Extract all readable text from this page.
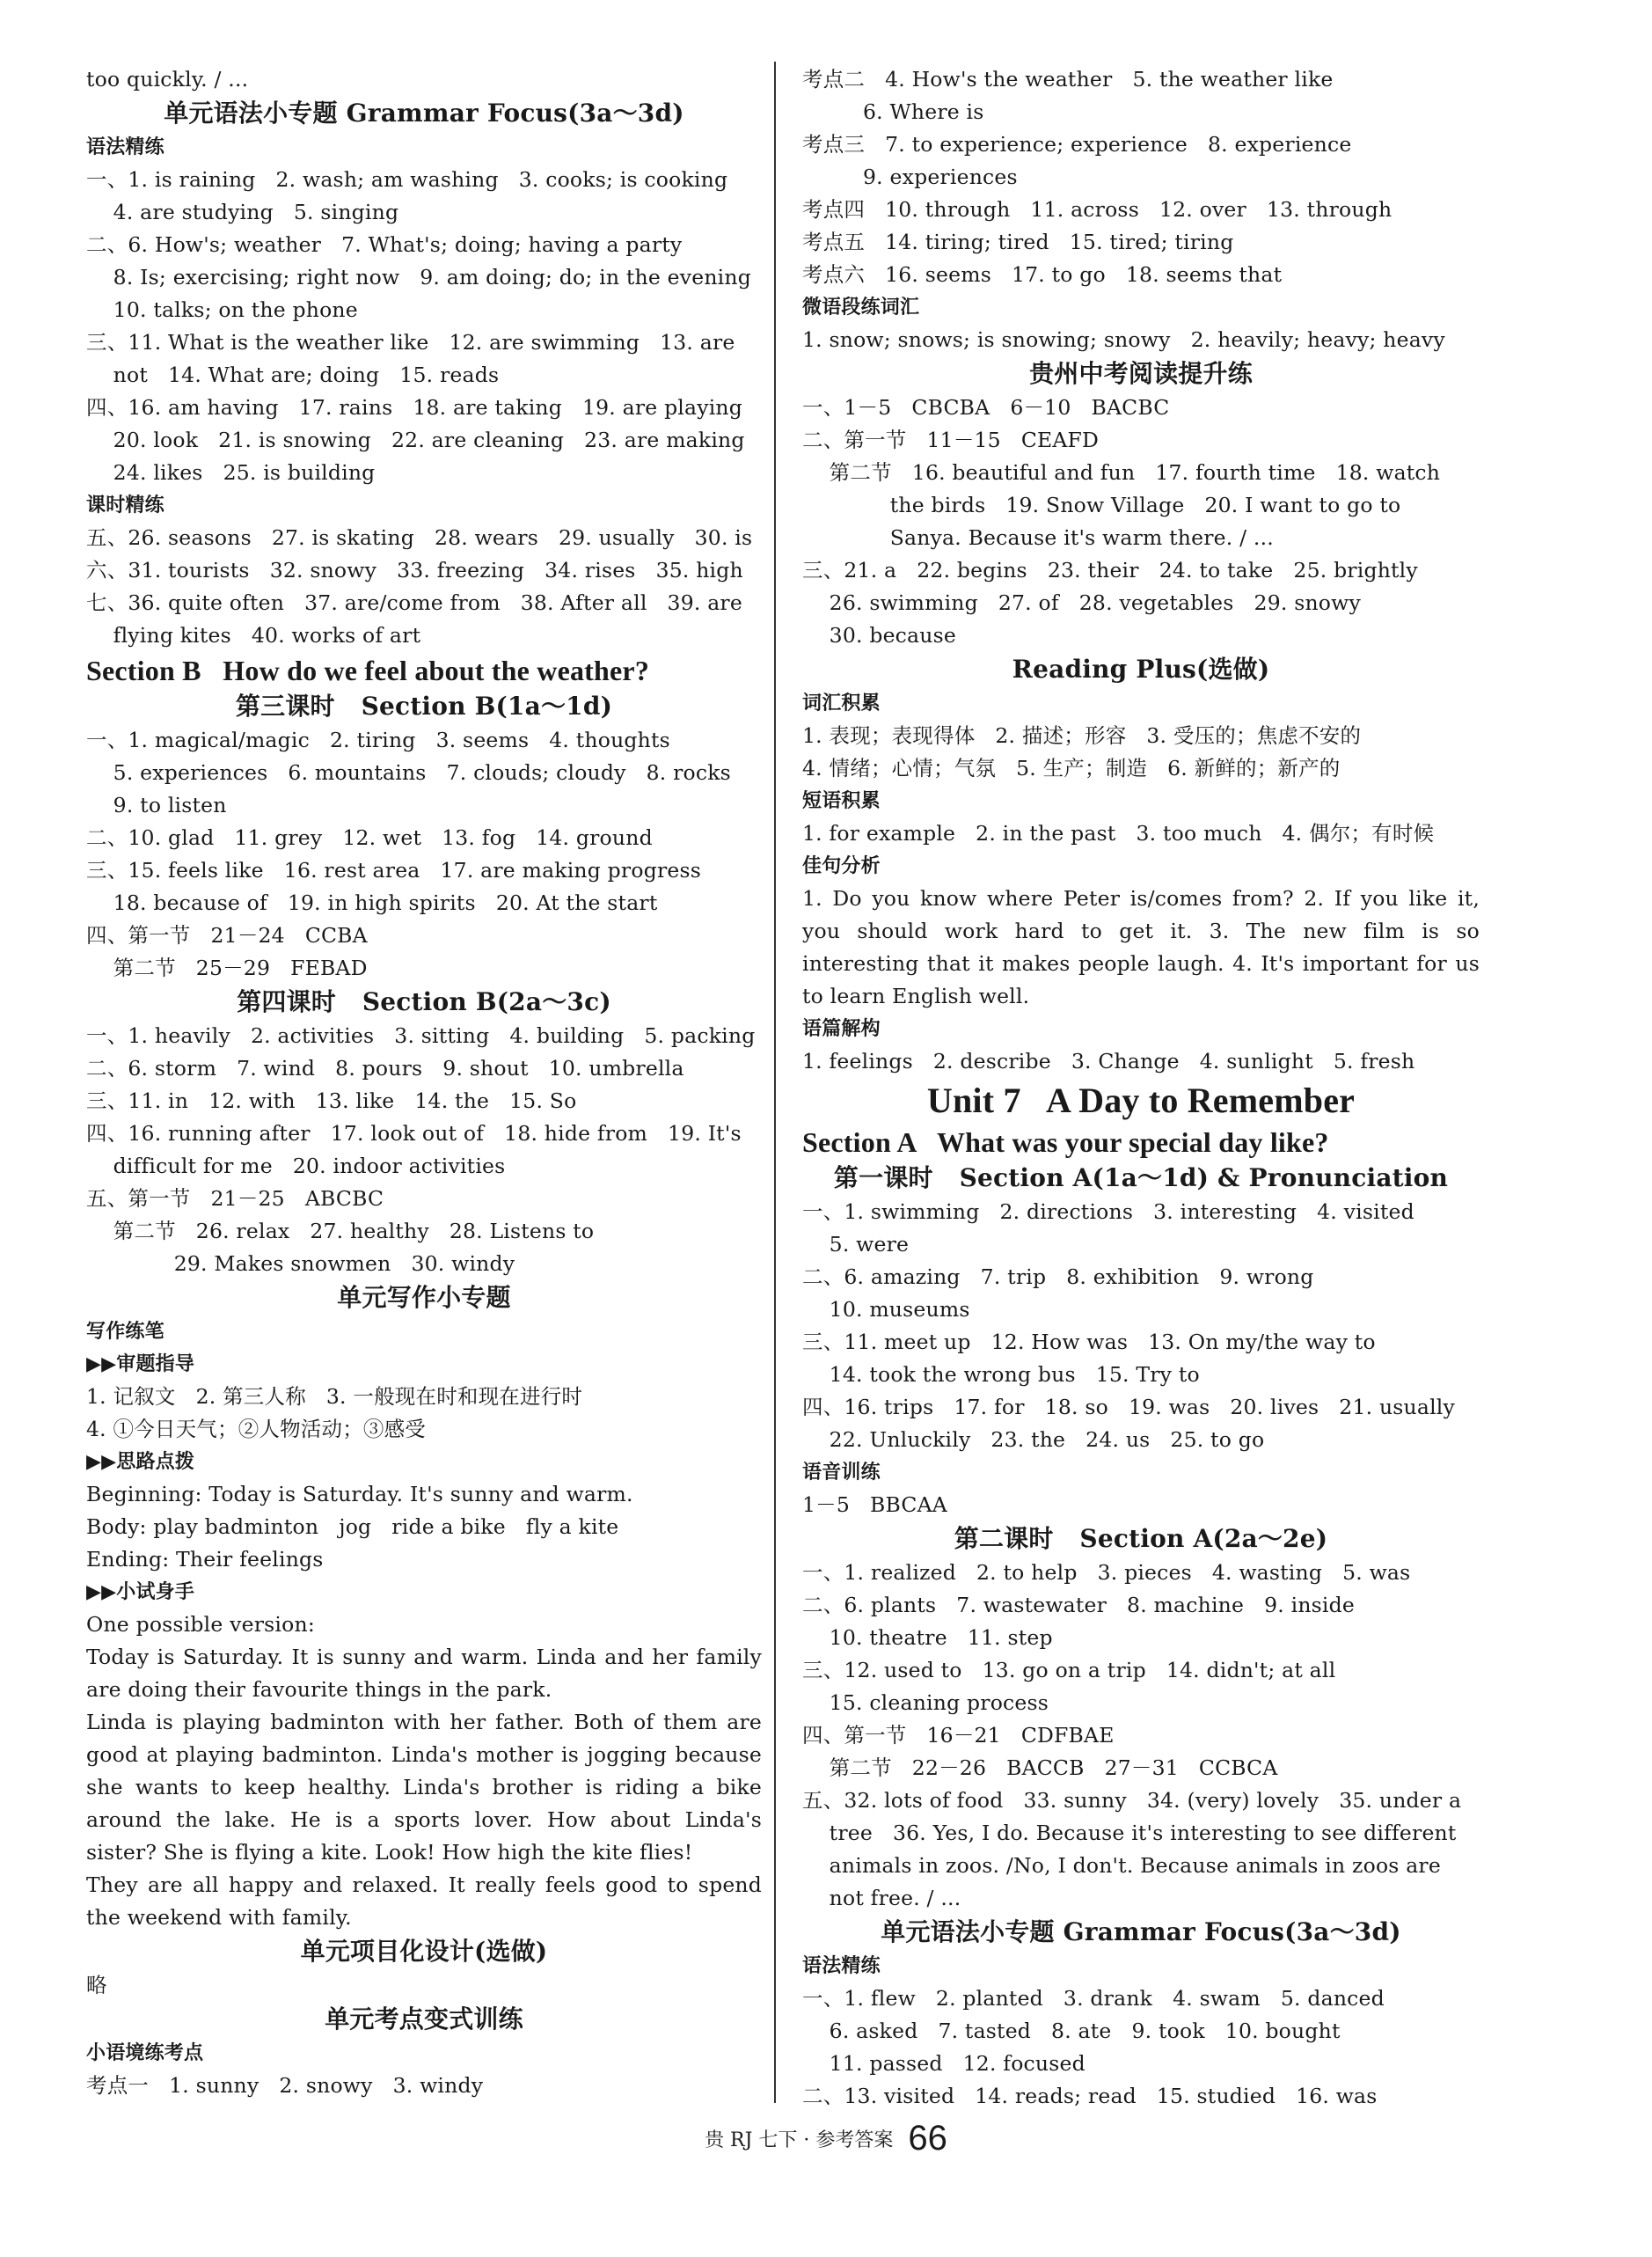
too quickly. / ...
单元语法小专题 Grammar Focus(3a～3d)
语法精练
一、1. is raining   2. wash; am washing   3. cooks; is cooking
4. are studying   5. singing
二、6. How's; weather   7. What's; doing; having a party
8. Is; exercising; right now   9. am doing; do; in the evening
10. talks; on the phone
三、11. What is the weather like   12. are swimming   13. are
not   14. What are; doing   15. reads
四、16. am having   17. rains   18. are taking   19. are playing
20. look   21. is snowing   22. are cleaning   23. are making
24. likes   25. is building
课时精练
五、26. seasons   27. is skating   28. wears   29. usually   30. is
六、31. tourists   32. snowy   33. freezing   34. rises   35. high
七、36. quite often   37. are/come from   38. After all   39. are
flying kites   40. works of art
Section B   How do we feel about the weather?
第三课时   Section B(1a～1d)
一、1. magical/magic   2. tiring   3. seems   4. thoughts
5. experiences   6. mountains   7. clouds; cloudy   8. rocks
9. to listen
二、10. glad   11. grey   12. wet   13. fog   14. ground
三、15. feels like   16. rest area   17. are making progress
18. because of   19. in high spirits   20. At the start
四、第一节   21－24   CCBA
第二节   25－29   FEBAD
第四课时   Section B(2a～3c)
一、1. heavily   2. activities   3. sitting   4. building   5. packing
二、6. storm   7. wind   8. pours   9. shout   10. umbrella
三、11. in   12. with   13. like   14. the   15. So
四、16. running after   17. look out of   18. hide from   19. It's
difficult for me   20. indoor activities
五、第一节   21－25   ABCBC
第二节   26. relax   27. healthy   28. Listens to
29. Makes snowmen   30. windy
单元写作小专题
写作练笔
▶▶审题指导
1. 记叙文   2. 第三人称   3. 一般现在时和现在进行时
4. ①今日天气；②人物活动；③感受
▶▶思路点拨
Beginning: Today is Saturday. It's sunny and warm.
Body: play badminton   jog   ride a bike   fly a kite
Ending: Their feelings
▶▶小试身手
One possible version:
Today is Saturday. It is sunny and warm. Linda and her family are doing their favourite things in the park.
Linda is playing badminton with her father. Both of them are good at playing badminton. Linda's mother is jogging because she wants to keep healthy. Linda's brother is riding a bike around the lake. He is a sports lover. How about Linda's sister? She is flying a kite. Look! How high the kite flies!
They are all happy and relaxed. It really feels good to spend the weekend with family.
单元项目化设计(选做)
略
单元考点变式训练
小语境练考点
考点一   1. sunny   2. snowy   3. windy
考点二   4. How's the weather   5. the weather like
6. Where is
考点三   7. to experience; experience   8. experience
9. experiences
考点四   10. through   11. across   12. over   13. through
考点五   14. tiring; tired   15. tired; tiring
考点六   16. seems   17. to go   18. seems that
微语段练词汇
1. snow; snows; is snowing; snowy   2. heavily; heavy; heavy
贵州中考阅读提升练
一、1－5   CBCBA   6－10   BACBC
二、第一节   11－15   CEAFD
第二节   16. beautiful and fun   17. fourth time   18. watch
the birds   19. Snow Village   20. I want to go to
Sanya. Because it's warm there. / ...
三、21. a   22. begins   23. their   24. to take   25. brightly
26. swimming   27. of   28. vegetables   29. snowy
30. because
Reading Plus(选做)
词汇积累
1. 表现；表现得体   2. 描述；形容   3. 受压的；焦虑不安的
4. 情绪；心情；气氛   5. 生产；制造   6. 新鲜的；新产的
短语积累
1. for example   2. in the past   3. too much   4. 偶尔；有时候
佳句分析
1. Do you know where Peter is/comes from? 2. If you like it, you should work hard to get it. 3. The new film is so interesting that it makes people laugh. 4. It's important for us to learn English well.
语篇解构
1. feelings   2. describe   3. Change   4. sunlight   5. fresh
Unit 7   A Day to Remember
Section A   What was your special day like?
第一课时   Section A(1a～1d) & Pronunciation
一、1. swimming   2. directions   3. interesting   4. visited
5. were
二、6. amazing   7. trip   8. exhibition   9. wrong
10. museums
三、11. meet up   12. How was   13. On my/the way to
14. took the wrong bus   15. Try to
四、16. trips   17. for   18. so   19. was   20. lives   21. usually
22. Unluckily   23. the   24. us   25. to go
语音训练
1－5   BBCAA
第二课时   Section A(2a～2e)
一、1. realized   2. to help   3. pieces   4. wasting   5. was
二、6. plants   7. wastewater   8. machine   9. inside
10. theatre   11. step
三、12. used to   13. go on a trip   14. didn't; at all
15. cleaning process
四、第一节   16－21   CDFBAE
第二节   22－26   BACCB   27－31   CCBCA
五、32. lots of food   33. sunny   34. (very) lovely   35. under a
tree   36. Yes, I do. Because it's interesting to see different
animals in zoos. /No, I don't. Because animals in zoos are
not free. / ...
单元语法小专题 Grammar Focus(3a～3d)
语法精练
一、1. flew   2. planted   3. drank   4. swam   5. danced
6. asked   7. tasted   8. ate   9. took   10. bought
11. passed   12. focused
二、13. visited   14. reads; read   15. studied   16. was
贵 RJ 七下 · 参考答案 66
